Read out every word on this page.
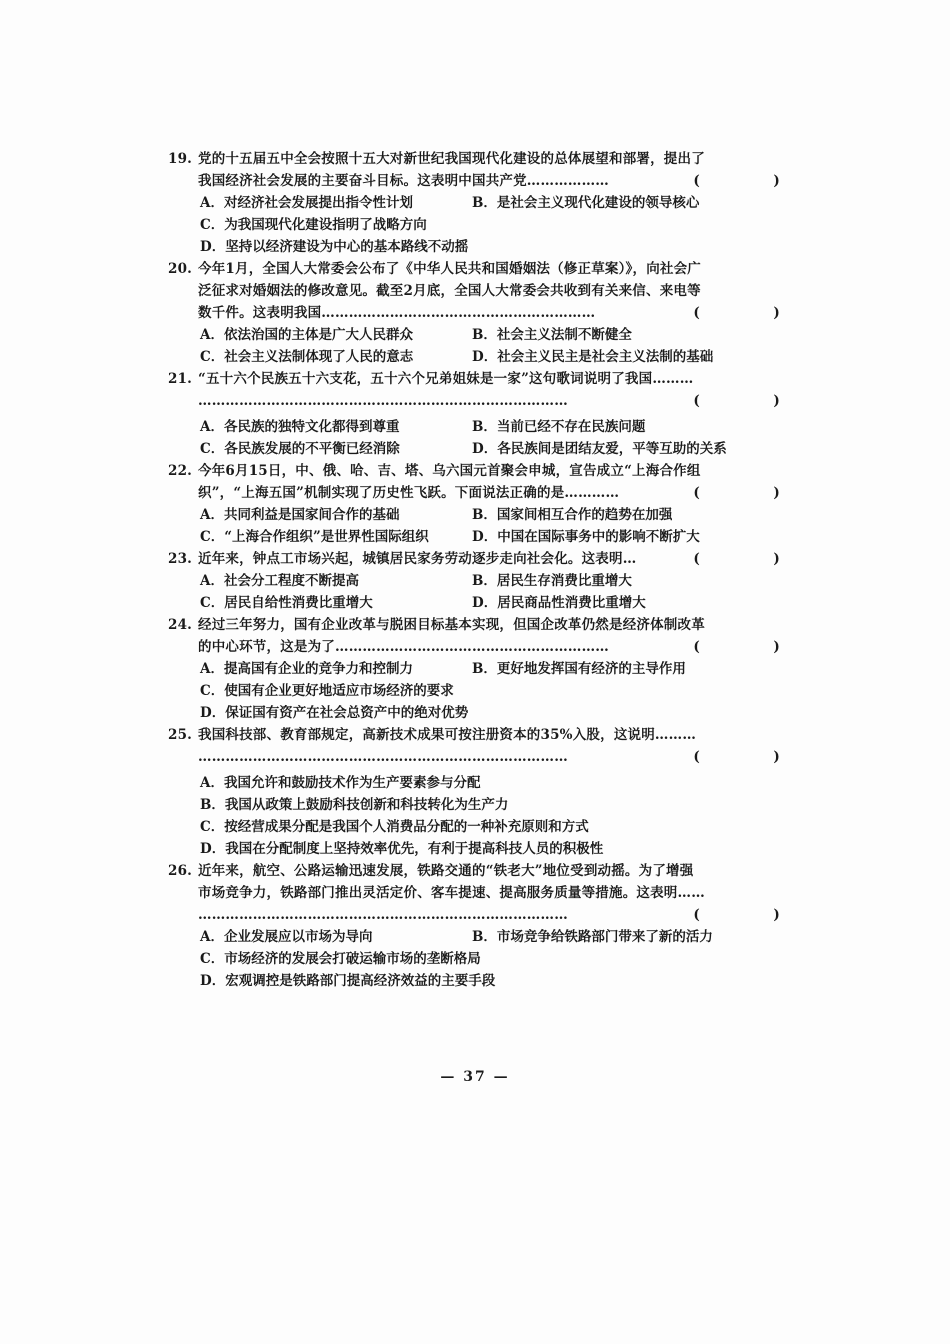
19. 党的十五届五中全会按照十五大对新世纪我国现代化建设的总体展望和部署，提出了
我国经济社会发展的主要奋斗目标。这表明中国共产党………………	(	)
A．对经济社会发展提出指令性计划	B．是社会主义现代化建设的领导核心
C．为我国现代化建设指明了战略方向
D．坚持以经济建设为中心的基本路线不动摇
20. 今年1月，全国人大常委会公布了《中华人民共和国婚姻法（修正草案）》，向社会广
泛征求对婚姻法的修改意见。截至2月底，全国人大常委会共收到有关来信、来电等
数千件。这表明我国……………………………………………………	(	)
A．依法治国的主体是广大人民群众	B．社会主义法制不断健全
C．社会主义法制体现了人民的意志	D．社会主义民主是社会主义法制的基础
21. “五十六个民族五十六支花，五十六个兄弟姐妹是一家”这句歌词说明了我国………
………………………………………………………………………	(	)
A．各民族的独特文化都得到尊重	B．当前已经不存在民族问题
C．各民族发展的不平衡已经消除	D．各民族间是团结友爱，平等互助的关系
22. 今年6月15日，中、俄、哈、吉、塔、乌六国元首聚会申城，宣告成立“上海合作组
织”，“上海五国”机制实现了历史性飞跃。下面说法正确的是…………	(	)
A．共同利益是国家间合作的基础	B．国家间相互合作的趋势在加强
C．“上海合作组织”是世界性国际组织	D．中国在国际事务中的影响不断扩大
23. 近年来，钟点工市场兴起，城镇居民家务劳动逐步走向社会化。这表明…	(	)
A．社会分工程度不断提高	B．居民生存消费比重增大
C．居民自给性消费比重增大	D．居民商品性消费比重增大
24. 经过三年努力，国有企业改革与脱困目标基本实现，但国企改革仍然是经济体制改革
的中心环节，这是为了……………………………………………………	(	)
A．提高国有企业的竞争力和控制力	B．更好地发挥国有经济的主导作用
C．使国有企业更好地适应市场经济的要求
D．保证国有资产在社会总资产中的绝对优势
25. 我国科技部、教育部规定，高新技术成果可按注册资本的35%入股，这说明………
………………………………………………………………………	(	)
A．我国允许和鼓励技术作为生产要素参与分配
B．我国从政策上鼓励科技创新和科技转化为生产力
C．按经营成果分配是我国个人消费品分配的一种补充原则和方式
D．我国在分配制度上坚持效率优先，有利于提高科技人员的积极性
26. 近年来，航空、公路运输迅速发展，铁路交通的“铁老大”地位受到动摇。为了增强
市场竞争力，铁路部门推出灵活定价、客车提速、提高服务质量等措施。这表明……
………………………………………………………………………	(	)
A．企业发展应以市场为导向	B．市场竞争给铁路部门带来了新的活力
C．市场经济的发展会打破运输市场的垄断格局
D．宏观调控是铁路部门提高经济效益的主要手段
— 37 —
